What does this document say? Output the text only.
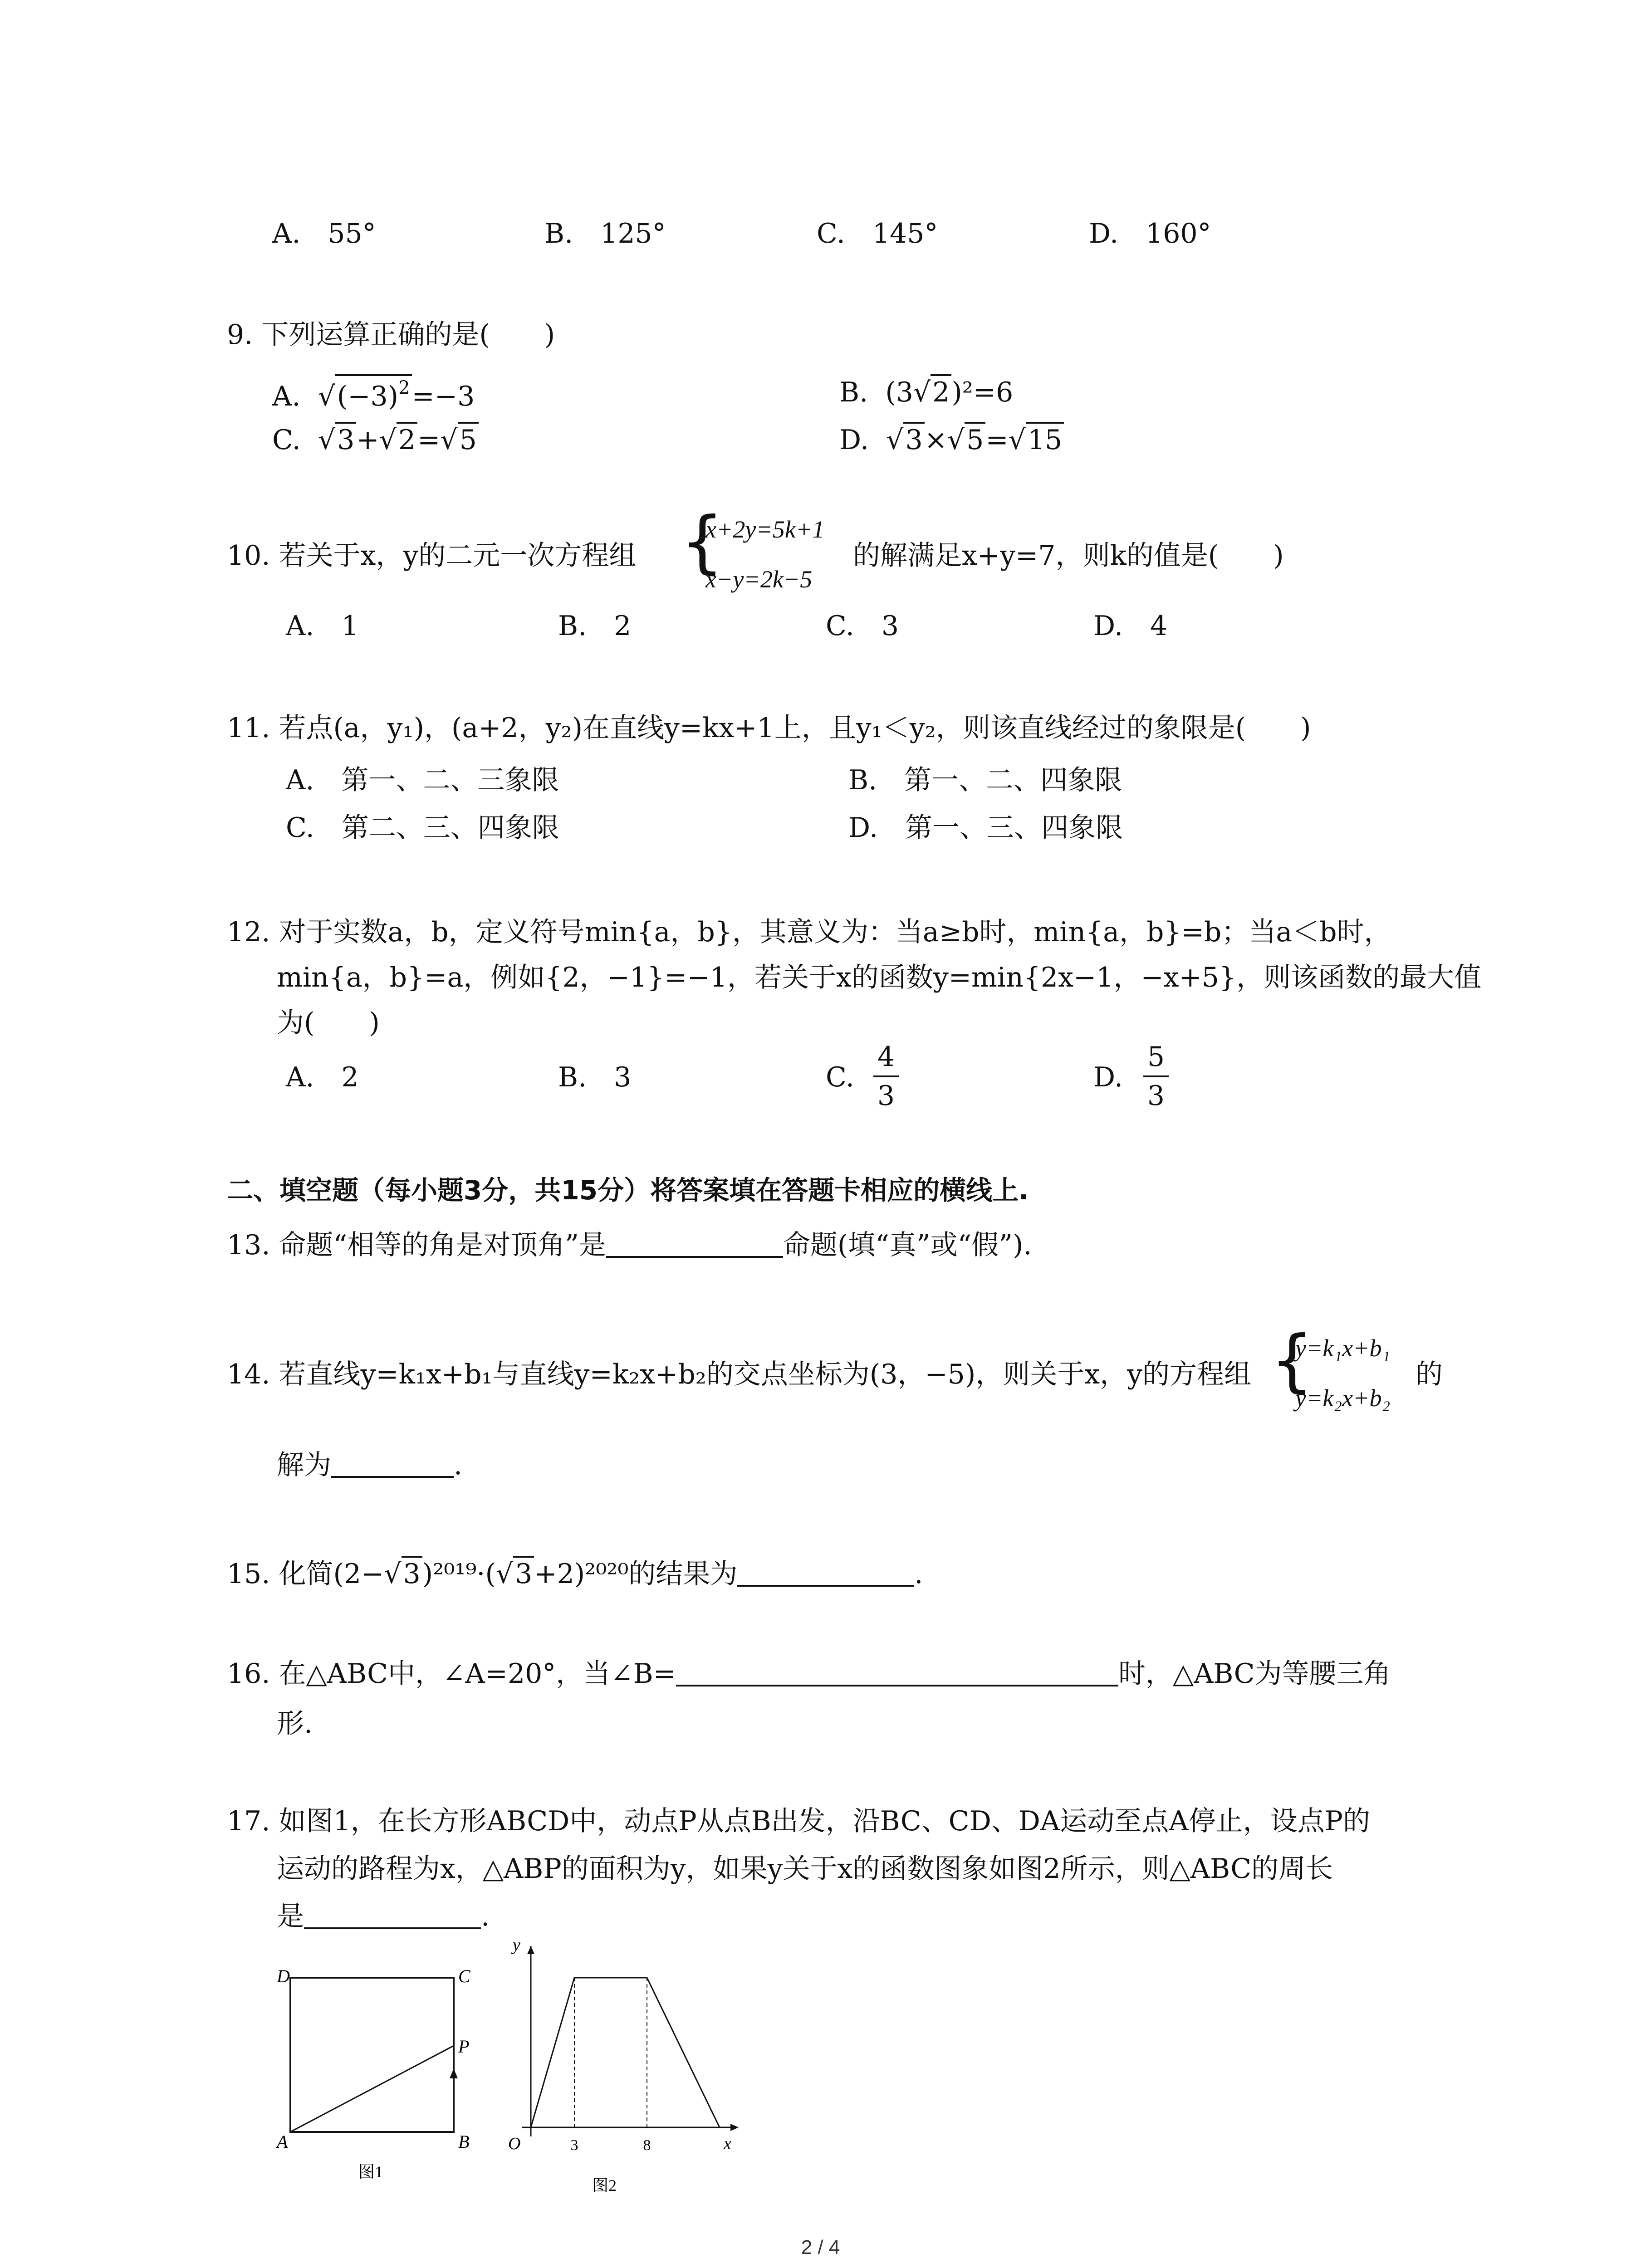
A.　55°	B.　125°	C.　145°	D.　160°
9. 下列运算正确的是(　　)
A. $√(-3)^2=-3$	B. (3√2)²=6
C. √3+√2=√5	D. √3×√5=√15
10. 若关于x，y的二元一次方程组 {
x+2y=5k+1
x−y=2k−5
的解满足x+y=7，则k的值是(　　)
A.　1	B.　2	C.　3	D.　4
11. 若点(a，y₁)，(a+2，y₂)在直线y=kx+1上，且y₁＜y₂，则该直线经过的象限是(　　)
A.　第一、二、三象限	B.　第一、二、四象限
C.　第二、三、四象限	D.　第一、三、四象限
12. 对于实数a，b，定义符号min{a，b}，其意义为：当a≥b时，min{a，b}=b；当a＜b时，
min{a，b}=a，例如{2，−1}=−1，若关于x的函数y=min{2x−1，−x+5}，则该函数的最大值
为(　　)
A.　2	B.　3	C.
4
3
D.
5
3
二、填空题（每小题3分，共15分）将答案填在答题卡相应的横线上.
13. 命题“相等的角是对顶角”是	命题(填“真”或“假”).
14. 若直线y=k₁x+b₁与直线y=k₂x+b₂的交点坐标为(3，−5)，则关于x，y的方程组 {
y=k₁x+b₁
y=k₂x+b₂
的
解为	.
15. 化简(2−√3)²⁰¹⁹·(√3+2)²⁰²⁰的结果为	.
16. 在△ABC中，∠A=20°，当∠B=	时，△ABC为等腰三角
形.
17. 如图1，在长方形ABCD中，动点P从点B出发，沿BC、CD、DA运动至点A停止，设点P的
运动的路程为x，△ABP的面积为y，如果y关于x的函数图象如图2所示，则△ABC的周长
是	.
D	C
P
A	B
图1
y
x
O	3	8
图2
2 / 4
